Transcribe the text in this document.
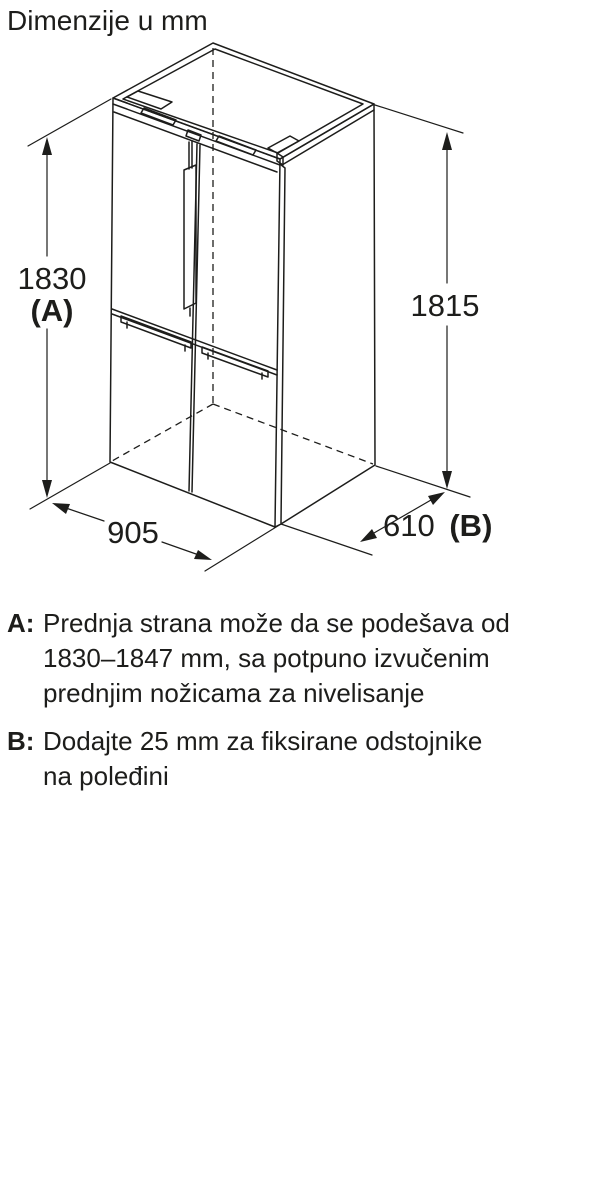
Dimenzije u mm
1830
(A)	1815
905	610 (B)
A: Prednja strana može da se podešava od
1830–1847 mm, sa potpuno izvučenim
prednjim nožicama za nivelisanje
B: Dodajte 25 mm za fiksirane odstojnike
na poleđini
